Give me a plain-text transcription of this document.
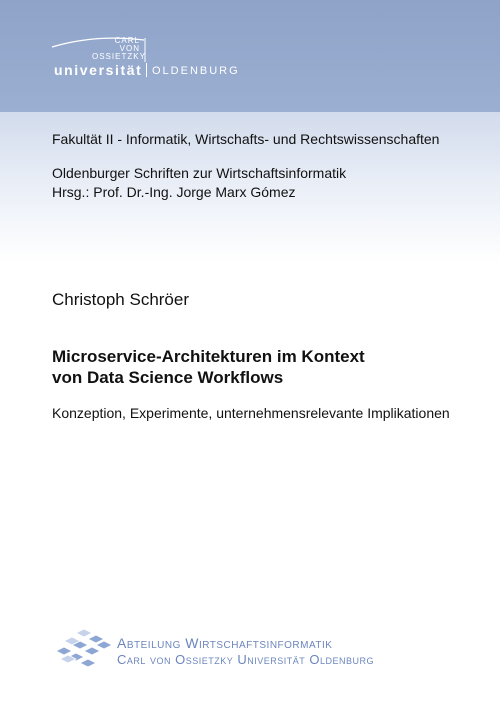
CARL
VON
OSSIETZKY
universität OLDENBURG
Fakultät II - Informatik, Wirtschafts- und Rechtswissenschaften
Oldenburger Schriften zur Wirtschaftsinformatik
Hrsg.: Prof. Dr.-Ing. Jorge Marx Gómez
Christoph Schröer
Microservice-Architekturen im Kontext
von Data Science Workflows
Konzeption, Experimente, unternehmensrelevante Implikationen
Abteilung Wirtschaftsinformatik
Carl von Ossietzky Universität Oldenburg
